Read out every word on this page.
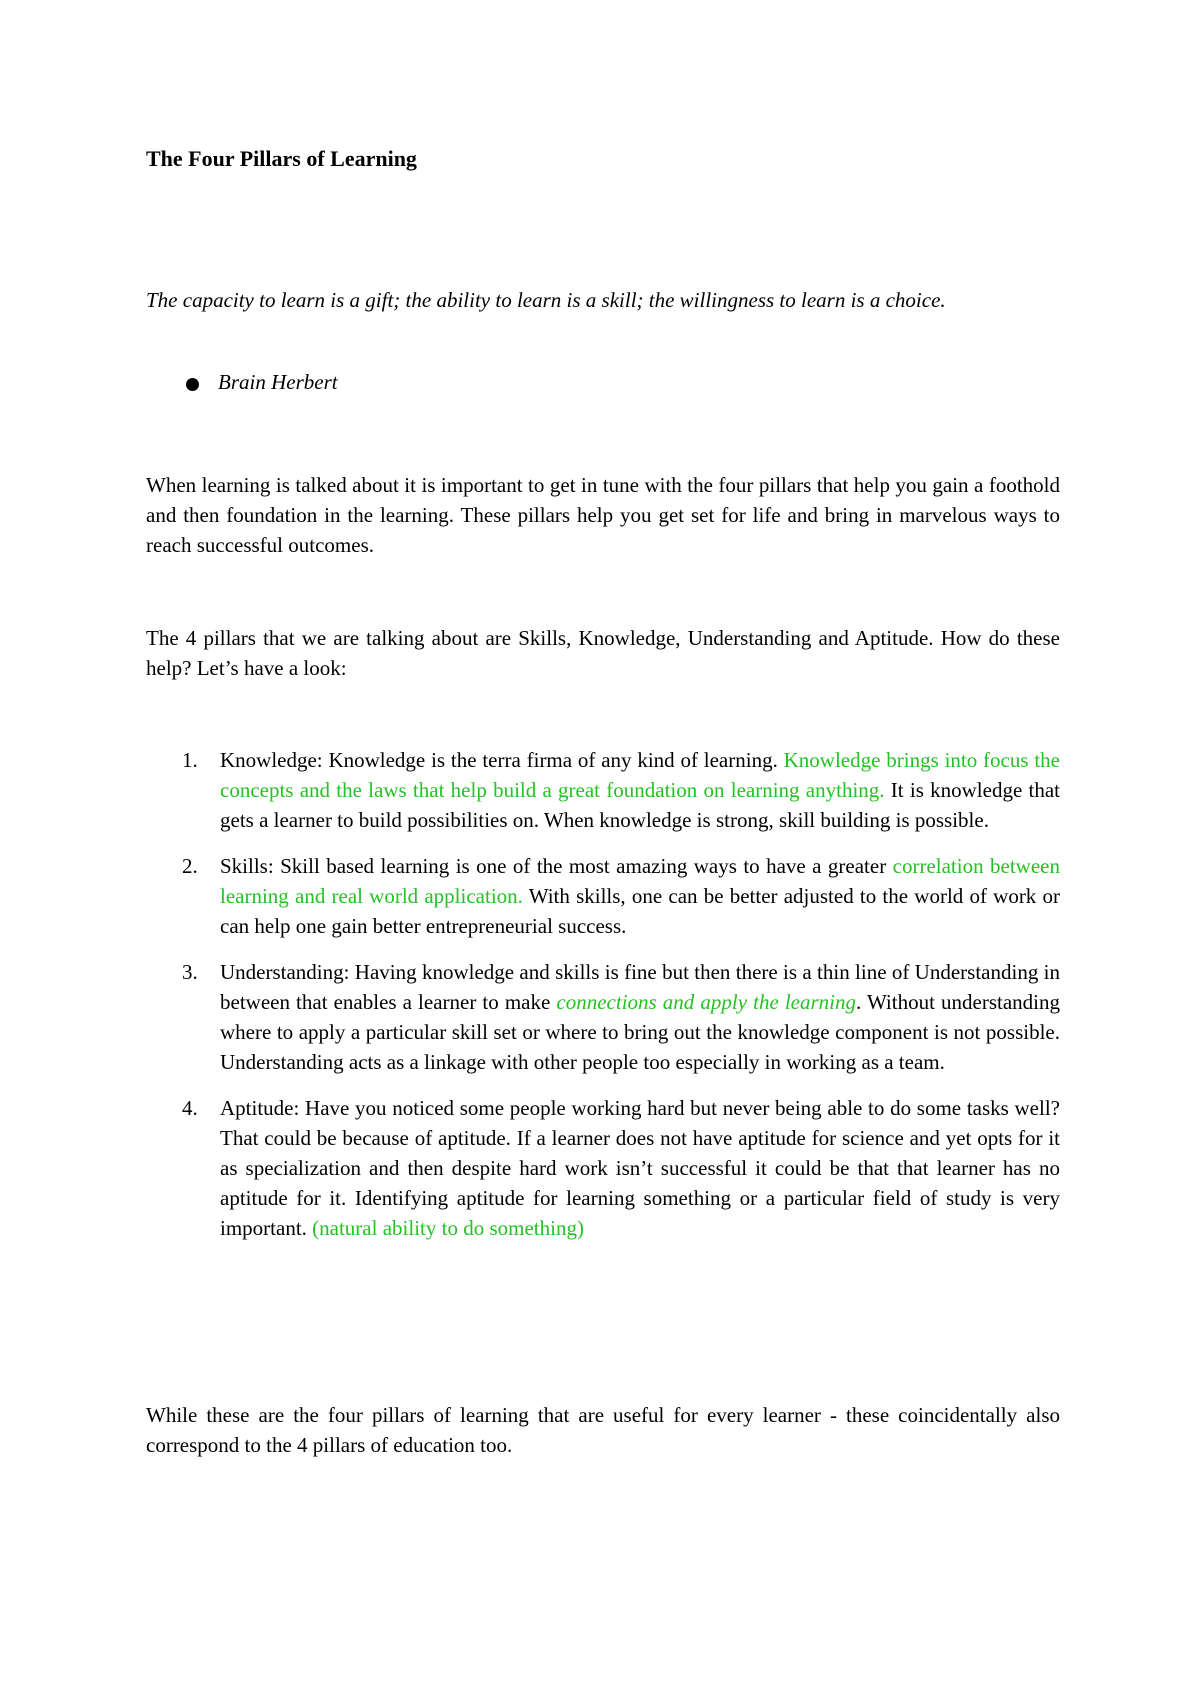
The Four Pillars of Learning

The capacity to learn is a gift; the ability to learn is a skill; the willingness to learn is a choice.

Brain Herbert

When learning is talked about it is important to get in tune with the four pillars that help you gain a foothold and then foundation in the learning. These pillars help you get set for life and bring in marvelous ways to reach successful outcomes.

The 4 pillars that we are talking about are Skills, Knowledge, Understanding and Aptitude. How do these help? Let’s have a look:

1. Knowledge: Knowledge is the terra firma of any kind of learning. Knowledge brings into focus the concepts and the laws that help build a great foundation on learning anything. It is knowledge that gets a learner to build possibilities on. When knowledge is strong, skill building is possible.
2. Skills: Skill based learning is one of the most amazing ways to have a greater correlation between learning and real world application. With skills, one can be better adjusted to the world of work or can help one gain better entrepreneurial success.
3. Understanding: Having knowledge and skills is fine but then there is a thin line of Understanding in between that enables a learner to make connections and apply the learning. Without understanding where to apply a particular skill set or where to bring out the knowledge component is not possible. Understanding acts as a linkage with other people too especially in working as a team.
4. Aptitude: Have you noticed some people working hard but never being able to do some tasks well? That could be because of aptitude. If a learner does not have aptitude for science and yet opts for it as specialization and then despite hard work isn’t successful it could be that that learner has no aptitude for it. Identifying aptitude for learning something or a particular field of study is very important. (natural ability to do something)

While these are the four pillars of learning that are useful for every learner - these coincidentally also correspond to the 4 pillars of education too.
